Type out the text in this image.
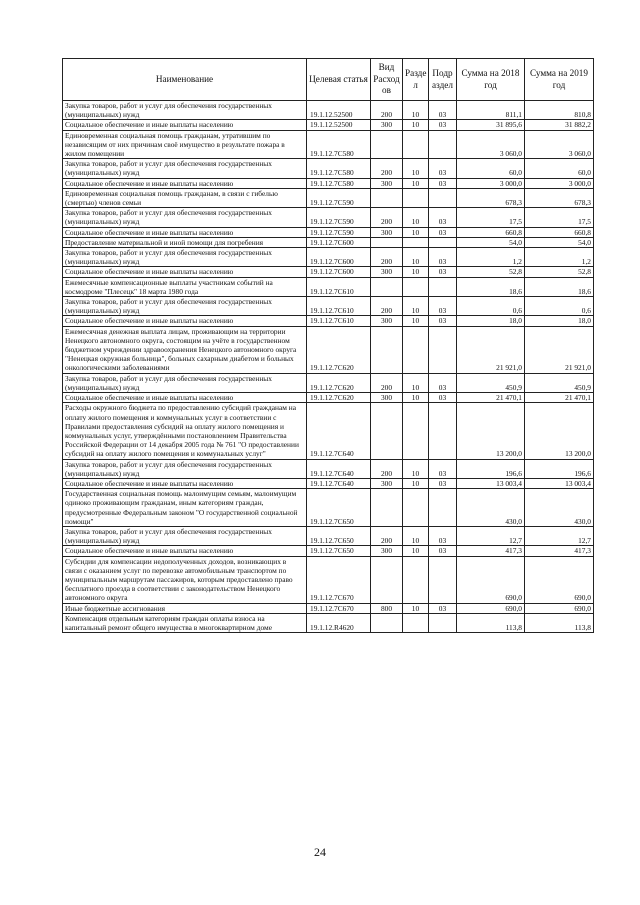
Наименование	Целевая статья	Вид Расход ов	Разде л	Подр аздел	Сумма на 2018 год	Сумма на 2019 год
Закупка товаров, работ и услуг для обеспечения государственных (муниципальных) нужд	19.1.12.52500	200	10	03	811,1	810,8
Социальное обеспечение и иные выплаты населению	19.1.12.52500	300	10	03	31 895,6	31 882,2
Единовременная социальная помощь гражданам, утратившим по независящим от них причинам своё имущество в результате пожара в жилом помещении	19.1.12.7С580				3 060,0	3 060,0
Закупка товаров, работ и услуг для обеспечения государственных (муниципальных) нужд	19.1.12.7С580	200	10	03	60,0	60,0
Социальное обеспечение и иные выплаты населению	19.1.12.7С580	300	10	03	3 000,0	3 000,0
Единовременная социальная помощь гражданам, в связи с гибелью (смертью) членов семьи	19.1.12.7С590				678,3	678,3
Закупка товаров, работ и услуг для обеспечения государственных (муниципальных) нужд	19.1.12.7С590	200	10	03	17,5	17,5
Социальное обеспечение и иные выплаты населению	19.1.12.7С590	300	10	03	660,8	660,8
Предоставление материальной и иной помощи для погребения	19.1.12.7С600				54,0	54,0
Закупка товаров, работ и услуг для обеспечения государственных (муниципальных) нужд	19.1.12.7С600	200	10	03	1,2	1,2
Социальное обеспечение и иные выплаты населению	19.1.12.7С600	300	10	03	52,8	52,8
Ежемесячные компенсационные выплаты участникам событий на космодроме "Плесецк" 18 марта 1980 года	19.1.12.7С610				18,6	18,6
Закупка товаров, работ и услуг для обеспечения государственных (муниципальных) нужд	19.1.12.7С610	200	10	03	0,6	0,6
Социальное обеспечение и иные выплаты населению	19.1.12.7С610	300	10	03	18,0	18,0
Ежемесячная денежная выплата лицам, проживающим на территории Ненецкого автономного округа, состоящим на учёте в государственном бюджетном учреждении здравоохранения Ненецкого автономного округа "Ненецкая окружная больница", больных сахарным диабетом и больных онкологическими заболеваниями	19.1.12.7С620				21 921,0	21 921,0
Закупка товаров, работ и услуг для обеспечения государственных (муниципальных) нужд	19.1.12.7С620	200	10	03	450,9	450,9
Социальное обеспечение и иные выплаты населению	19.1.12.7С620	300	10	03	21 470,1	21 470,1
Расходы окружного бюджета по предоставлению субсидий гражданам на оплату жилого помещения и коммунальных услуг в соответствии с Правилами предоставления субсидий на оплату жилого помещения и коммунальных услуг, утверждёнными постановлением Правительства Российской Федерации от 14 декабря 2005 года № 761 "О предоставлении субсидий на оплату жилого помещения и коммунальных услуг"	19.1.12.7С640				13 200,0	13 200,0
Закупка товаров, работ и услуг для обеспечения государственных (муниципальных) нужд	19.1.12.7С640	200	10	03	196,6	196,6
Социальное обеспечение и иные выплаты населению	19.1.12.7С640	300	10	03	13 003,4	13 003,4
Государственная социальная помощь малоимущим семьям, малоимущим одиноко проживающим гражданам, иным категориям граждан, предусмотренные Федеральным законом "О государственной социальной помощи"	19.1.12.7С650				430,0	430,0
Закупка товаров, работ и услуг для обеспечения государственных (муниципальных) нужд	19.1.12.7С650	200	10	03	12,7	12,7
Социальное обеспечение и иные выплаты населению	19.1.12.7С650	300	10	03	417,3	417,3
Субсидии для компенсации недополученных доходов, возникающих в связи с оказанием услуг по перевозке автомобильным транспортом по муниципальным маршрутам пассажиров, которым предоставлено право бесплатного проезда в соответствии с законодательством Ненецкого автономного округа	19.1.12.7С670				690,0	690,0
Иные бюджетные ассигнования	19.1.12.7С670	800	10	03	690,0	690,0
Компенсация отдельным категориям граждан оплаты взноса на капитальный ремонт общего имущества в многоквартирном доме	19.1.12.R4620				113,8	113,8
24
